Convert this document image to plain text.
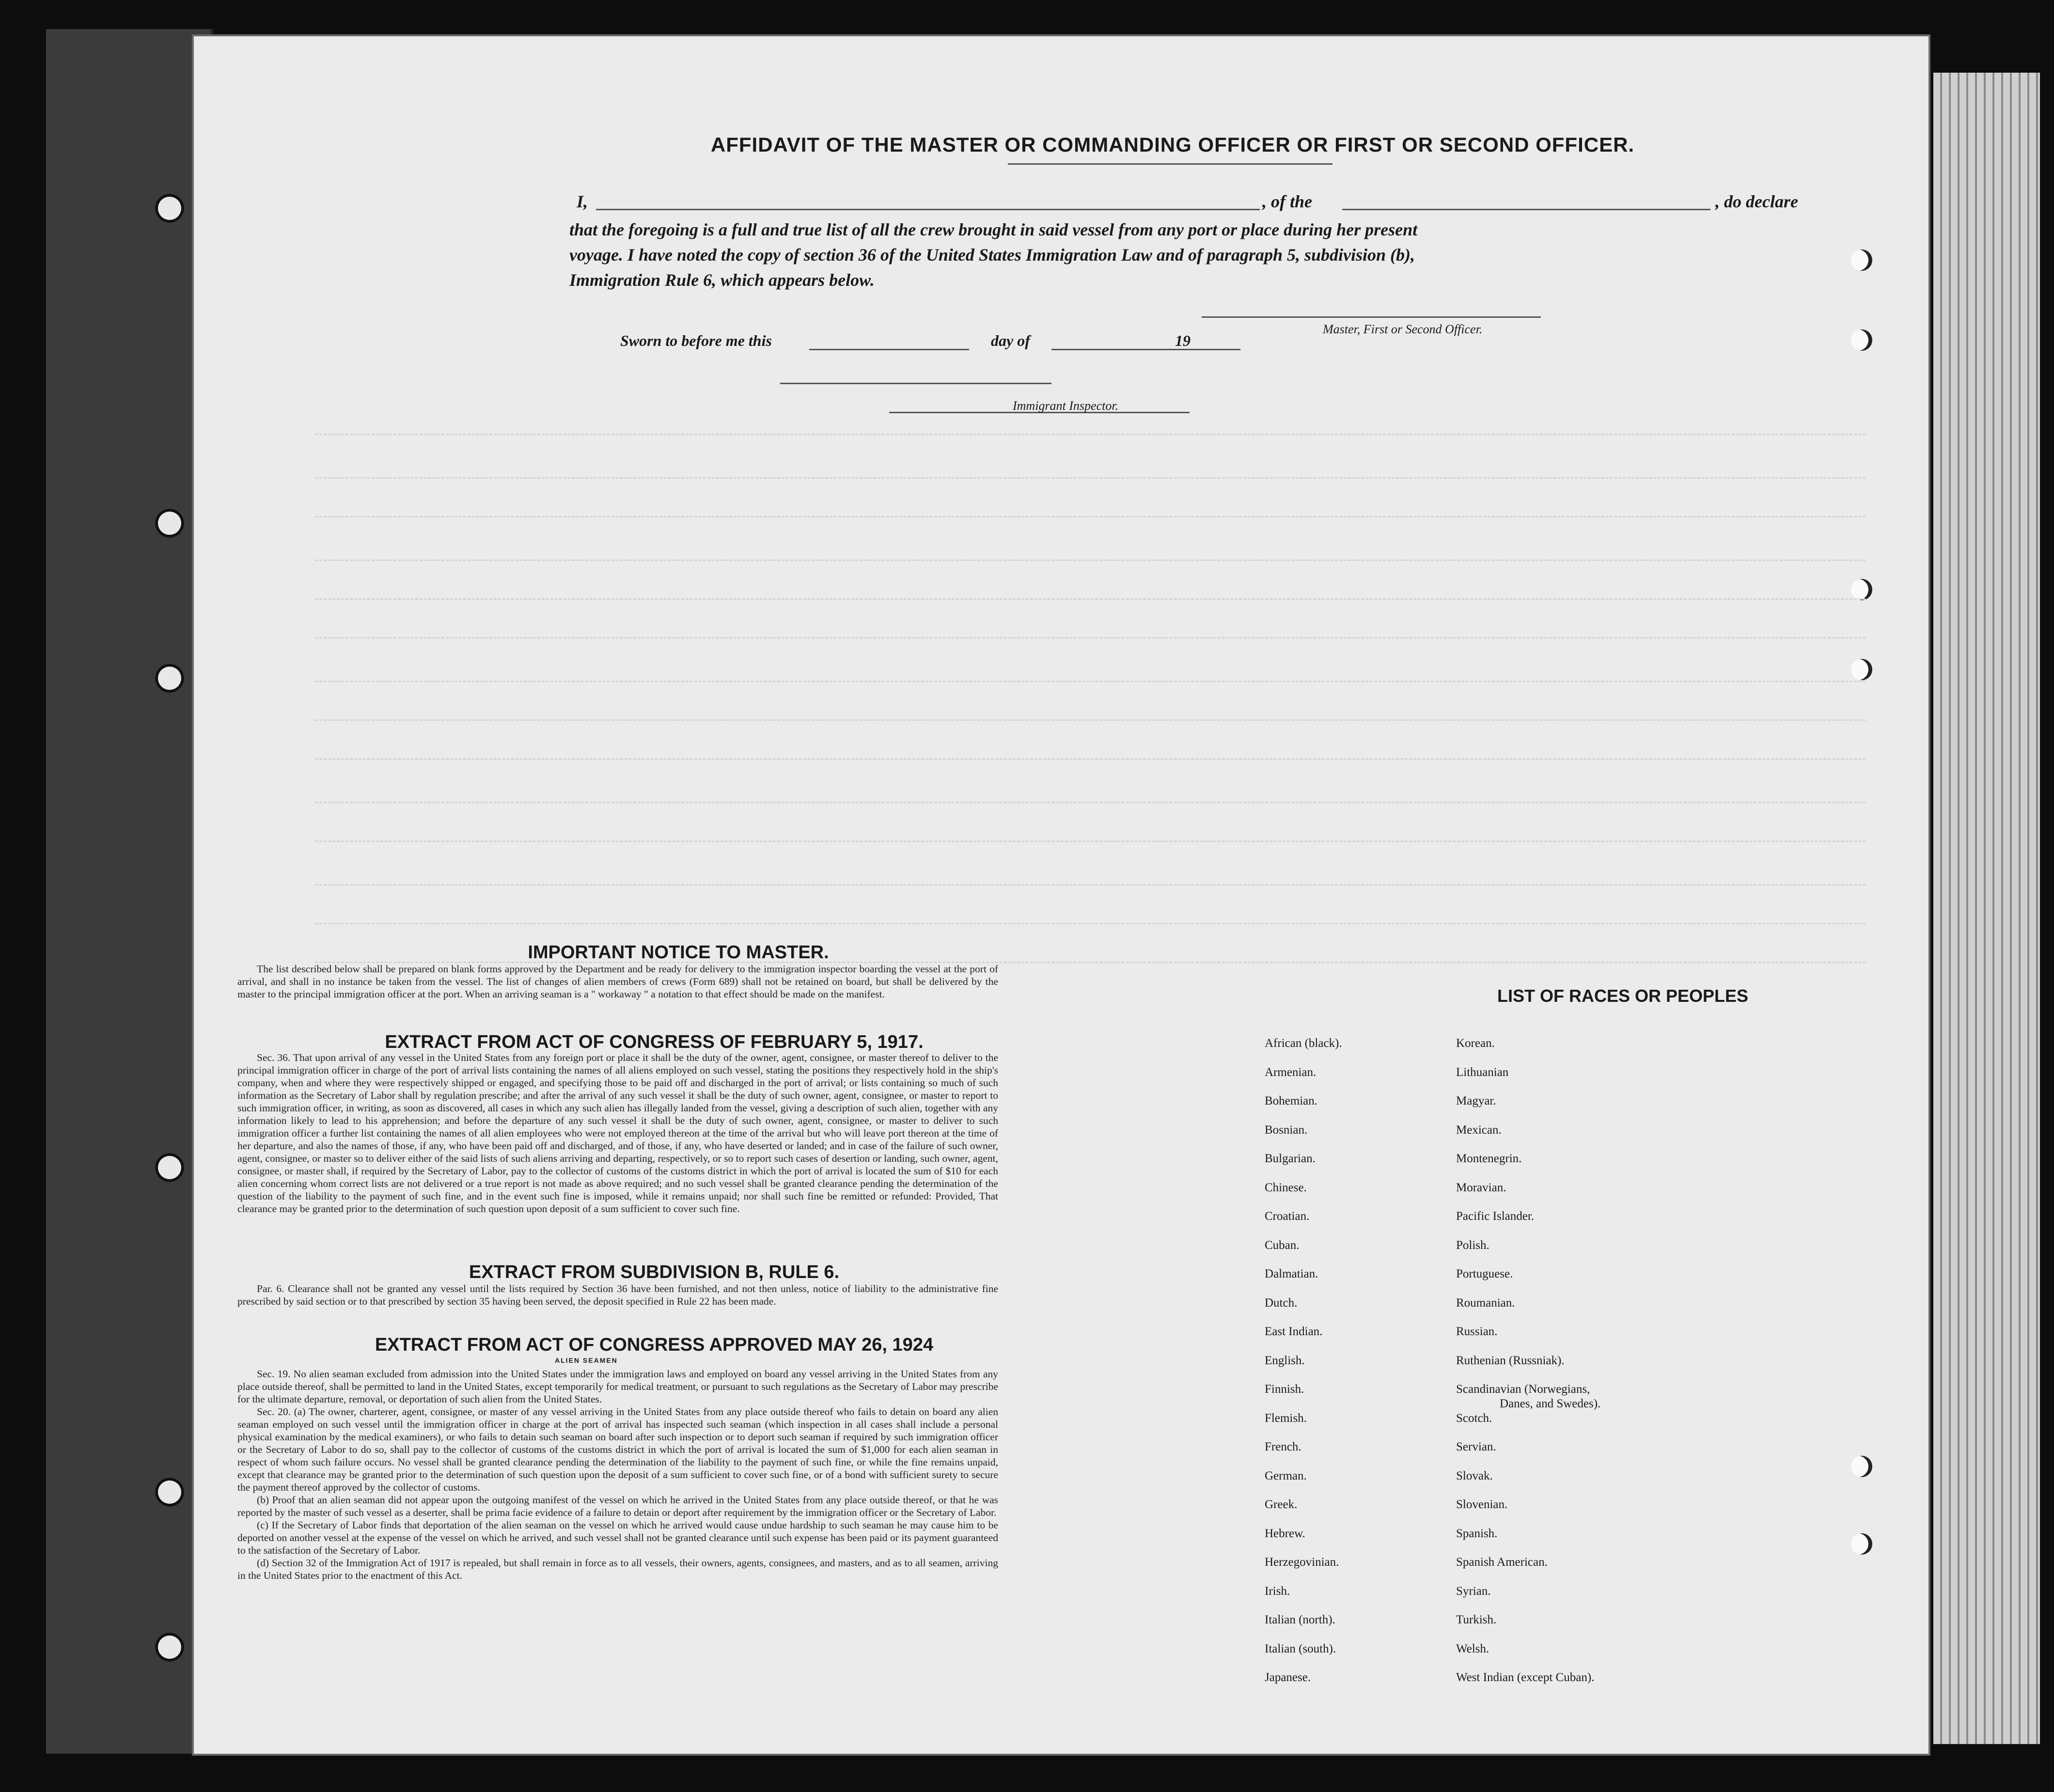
AFFIDAVIT OF THE MASTER OR COMMANDING OFFICER OR FIRST OR SECOND OFFICER.
I,	, of the	, do declare
that the foregoing is a full and true list of all the crew brought in said vessel from any port or place during her present
voyage. I have noted the copy of section 36 of the United States Immigration Law and of paragraph 5, subdivision (b),
Immigration Rule 6, which appears below.
Master, First or Second Officer.
Sworn to before me this	day of	19
Immigrant Inspector.
IMPORTANT NOTICE TO MASTER.

The list described below shall be prepared on blank forms approved by the Department and be ready for delivery to the immigration inspector boarding the vessel at the port of arrival, and shall in no instance be taken from the vessel. The list of changes of alien members of crews (Form 689) shall not be retained on board, but shall be delivered by the master to the principal immigration officer at the port. When an arriving seaman is a " workaway " a notation to that effect should be made on the manifest.

EXTRACT FROM ACT OF CONGRESS OF FEBRUARY 5, 1917.

Sec. 36. That upon arrival of any vessel in the United States from any foreign port or place it shall be the duty of the owner, agent, consignee, or master thereof to deliver to the principal immigration officer in charge of the port of arrival lists containing the names of all aliens employed on such vessel, stating the positions they respectively hold in the ship's company, when and where they were respectively shipped or engaged, and specifying those to be paid off and discharged in the port of arrival; or lists containing so much of such information as the Secretary of Labor shall by regulation prescribe; and after the arrival of any such vessel it shall be the duty of such owner, agent, consignee, or master to report to such immigration officer, in writing, as soon as discovered, all cases in which any such alien has illegally landed from the vessel, giving a description of such alien, together with any information likely to lead to his apprehension; and before the departure of any such vessel it shall be the duty of such owner, agent, consignee, or master to deliver to such immigration officer a further list containing the names of all alien employees who were not employed thereon at the time of the arrival but who will leave port thereon at the time of her departure, and also the names of those, if any, who have been paid off and discharged, and of those, if any, who have deserted or landed; and in case of the failure of such owner, agent, consignee, or master so to deliver either of the said lists of such aliens arriving and departing, respectively, or so to report such cases of desertion or landing, such owner, agent, consignee, or master shall, if required by the Secretary of Labor, pay to the collector of customs of the customs district in which the port of arrival is located the sum of $10 for each alien concerning whom correct lists are not delivered or a true report is not made as above required; and no such vessel shall be granted clearance pending the determination of the question of the liability to the payment of such fine, and in the event such fine is imposed, while it remains unpaid; nor shall such fine be remitted or refunded: Provided, That clearance may be granted prior to the determination of such question upon deposit of a sum sufficient to cover such fine.

EXTRACT FROM SUBDIVISION B, RULE 6.

Par. 6. Clearance shall not be granted any vessel until the lists required by Section 36 have been furnished, and not then unless, notice of liability to the administrative fine prescribed by said section or to that prescribed by section 35 having been served, the deposit specified in Rule 22 has been made.

EXTRACT FROM ACT OF CONGRESS APPROVED MAY 26, 1924
ALIEN SEAMEN

Sec. 19. No alien seaman excluded from admission into the United States under the immigration laws and employed on board any vessel arriving in the United States from any place outside thereof, shall be permitted to land in the United States, except temporarily for medical treatment, or pursuant to such regulations as the Secretary of Labor may prescribe for the ultimate departure, removal, or deportation of such alien from the United States.

Sec. 20. (a) The owner, charterer, agent, consignee, or master of any vessel arriving in the United States from any place outside thereof who fails to detain on board any alien seaman employed on such vessel until the immigration officer in charge at the port of arrival has inspected such seaman (which inspection in all cases shall include a personal physical examination by the medical examiners), or who fails to detain such seaman on board after such inspection or to deport such seaman if required by such immigration officer or the Secretary of Labor to do so, shall pay to the collector of customs of the customs district in which the port of arrival is located the sum of $1,000 for each alien seaman in respect of whom such failure occurs. No vessel shall be granted clearance pending the determination of the liability to the payment of such fine, or while the fine remains unpaid, except that clearance may be granted prior to the determination of such question upon the deposit of a sum sufficient to cover such fine, or of a bond with sufficient surety to secure the payment thereof approved by the collector of customs.

(b) Proof that an alien seaman did not appear upon the outgoing manifest of the vessel on which he arrived in the United States from any place outside thereof, or that he was reported by the master of such vessel as a deserter, shall be prima facie evidence of a failure to detain or deport after requirement by the immigration officer or the Secretary of Labor.

(c) If the Secretary of Labor finds that deportation of the alien seaman on the vessel on which he arrived would cause undue hardship to such seaman he may cause him to be deported on another vessel at the expense of the vessel on which he arrived, and such vessel shall not be granted clearance until such expense has been paid or its payment guaranteed to the satisfaction of the Secretary of Labor.

(d) Section 32 of the Immigration Act of 1917 is repealed, but shall remain in force as to all vessels, their owners, agents, consignees, and masters, and as to all seamen, arriving in the United States prior to the enactment of this Act.

LIST OF RACES OR PEOPLES
African (black).
Armenian.
Bohemian.
Bosnian.
Bulgarian.
Chinese.
Croatian.
Cuban.
Dalmatian.
Dutch.
East Indian.
English.
Finnish.
Flemish.
French.
German.
Greek.
Hebrew.
Herzegovinian.
Irish.
Italian (north).
Italian (south).
Japanese.
Korean.
Lithuanian
Magyar.
Mexican.
Montenegrin.
Moravian.
Pacific Islander.
Polish.
Portuguese.
Roumanian.
Russian.
Ruthenian (Russniak).
Scandinavian (Norwegians,
Danes, and Swedes).
Scotch.
Servian.
Slovak.
Slovenian.
Spanish.
Spanish American.
Syrian.
Turkish.
Welsh.
West Indian (except Cuban).
